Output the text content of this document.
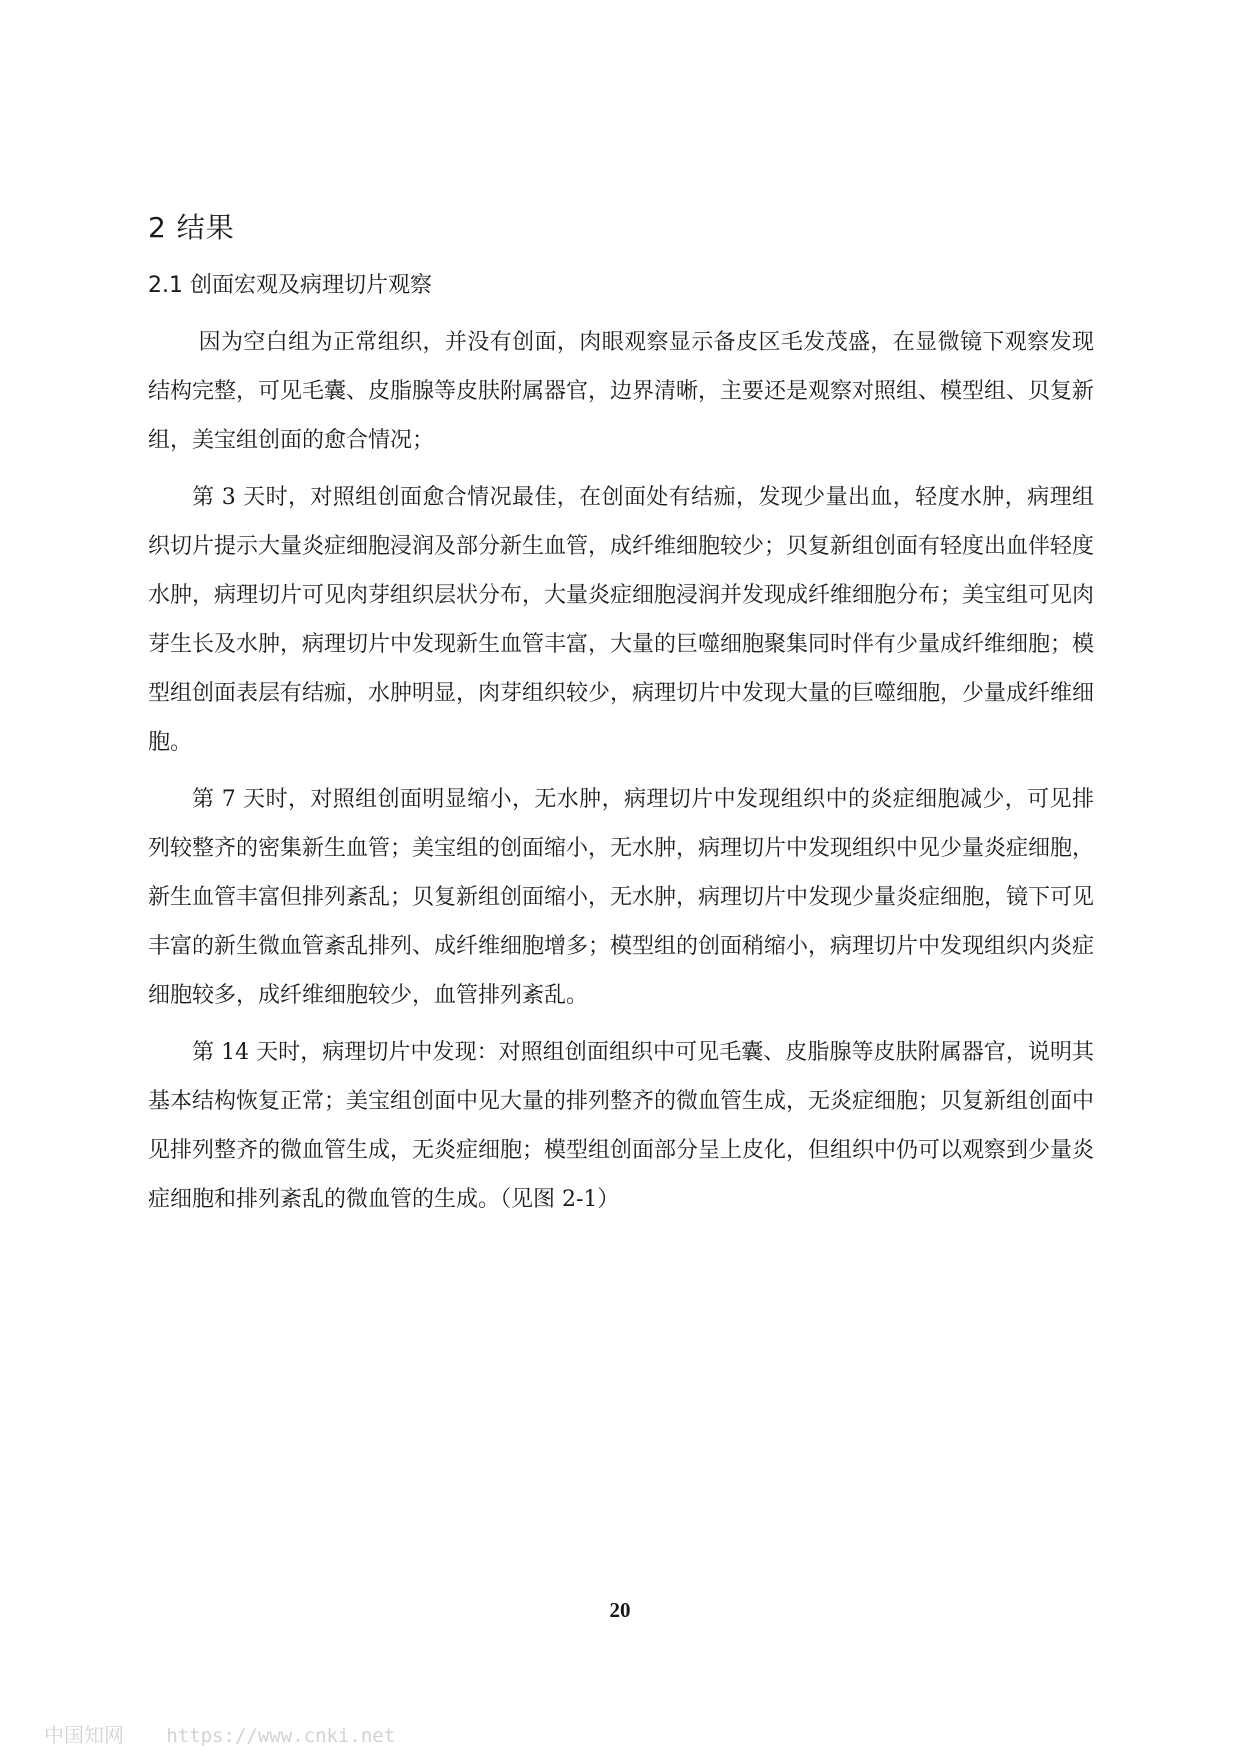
2 结果
2.1 创面宏观及病理切片观察

因为空白组为正常组织，并没有创面，肉眼观察显示备皮区毛发茂盛，在显微镜下观察发现结构完整，可见毛囊、皮脂腺等皮肤附属器官，边界清晰，主要还是观察对照组、模型组、贝复新组，美宝组创面的愈合情况；

第 3 天时，对照组创面愈合情况最佳，在创面处有结痂，发现少量出血，轻度水肿，病理组织切片提示大量炎症细胞浸润及部分新生血管，成纤维细胞较少；贝复新组创面有轻度出血伴轻度水肿，病理切片可见肉芽组织层状分布，大量炎症细胞浸润并发现成纤维细胞分布；美宝组可见肉芽生长及水肿，病理切片中发现新生血管丰富，大量的巨噬细胞聚集同时伴有少量成纤维细胞；模型组创面表层有结痂，水肿明显，肉芽组织较少，病理切片中发现大量的巨噬细胞，少量成纤维细胞。

第 7 天时，对照组创面明显缩小，无水肿，病理切片中发现组织中的炎症细胞减少，可见排列较整齐的密集新生血管；美宝组的创面缩小，无水肿，病理切片中发现组织中见少量炎症细胞，新生血管丰富但排列紊乱；贝复新组创面缩小，无水肿，病理切片中发现少量炎症细胞，镜下可见丰富的新生微血管紊乱排列、成纤维细胞增多；模型组的创面稍缩小，病理切片中发现组织内炎症细胞较多，成纤维细胞较少，血管排列紊乱。

第 14 天时，病理切片中发现：对照组创面组织中可见毛囊、皮脂腺等皮肤附属器官，说明其基本结构恢复正常；美宝组创面中见大量的排列整齐的微血管生成，无炎症细胞；贝复新组创面中见排列整齐的微血管生成，无炎症细胞；模型组创面部分呈上皮化，但组织中仍可以观察到少量炎症细胞和排列紊乱的微血管的生成。（见图 2-1）

20
中国知网 https://www.cnki.net
